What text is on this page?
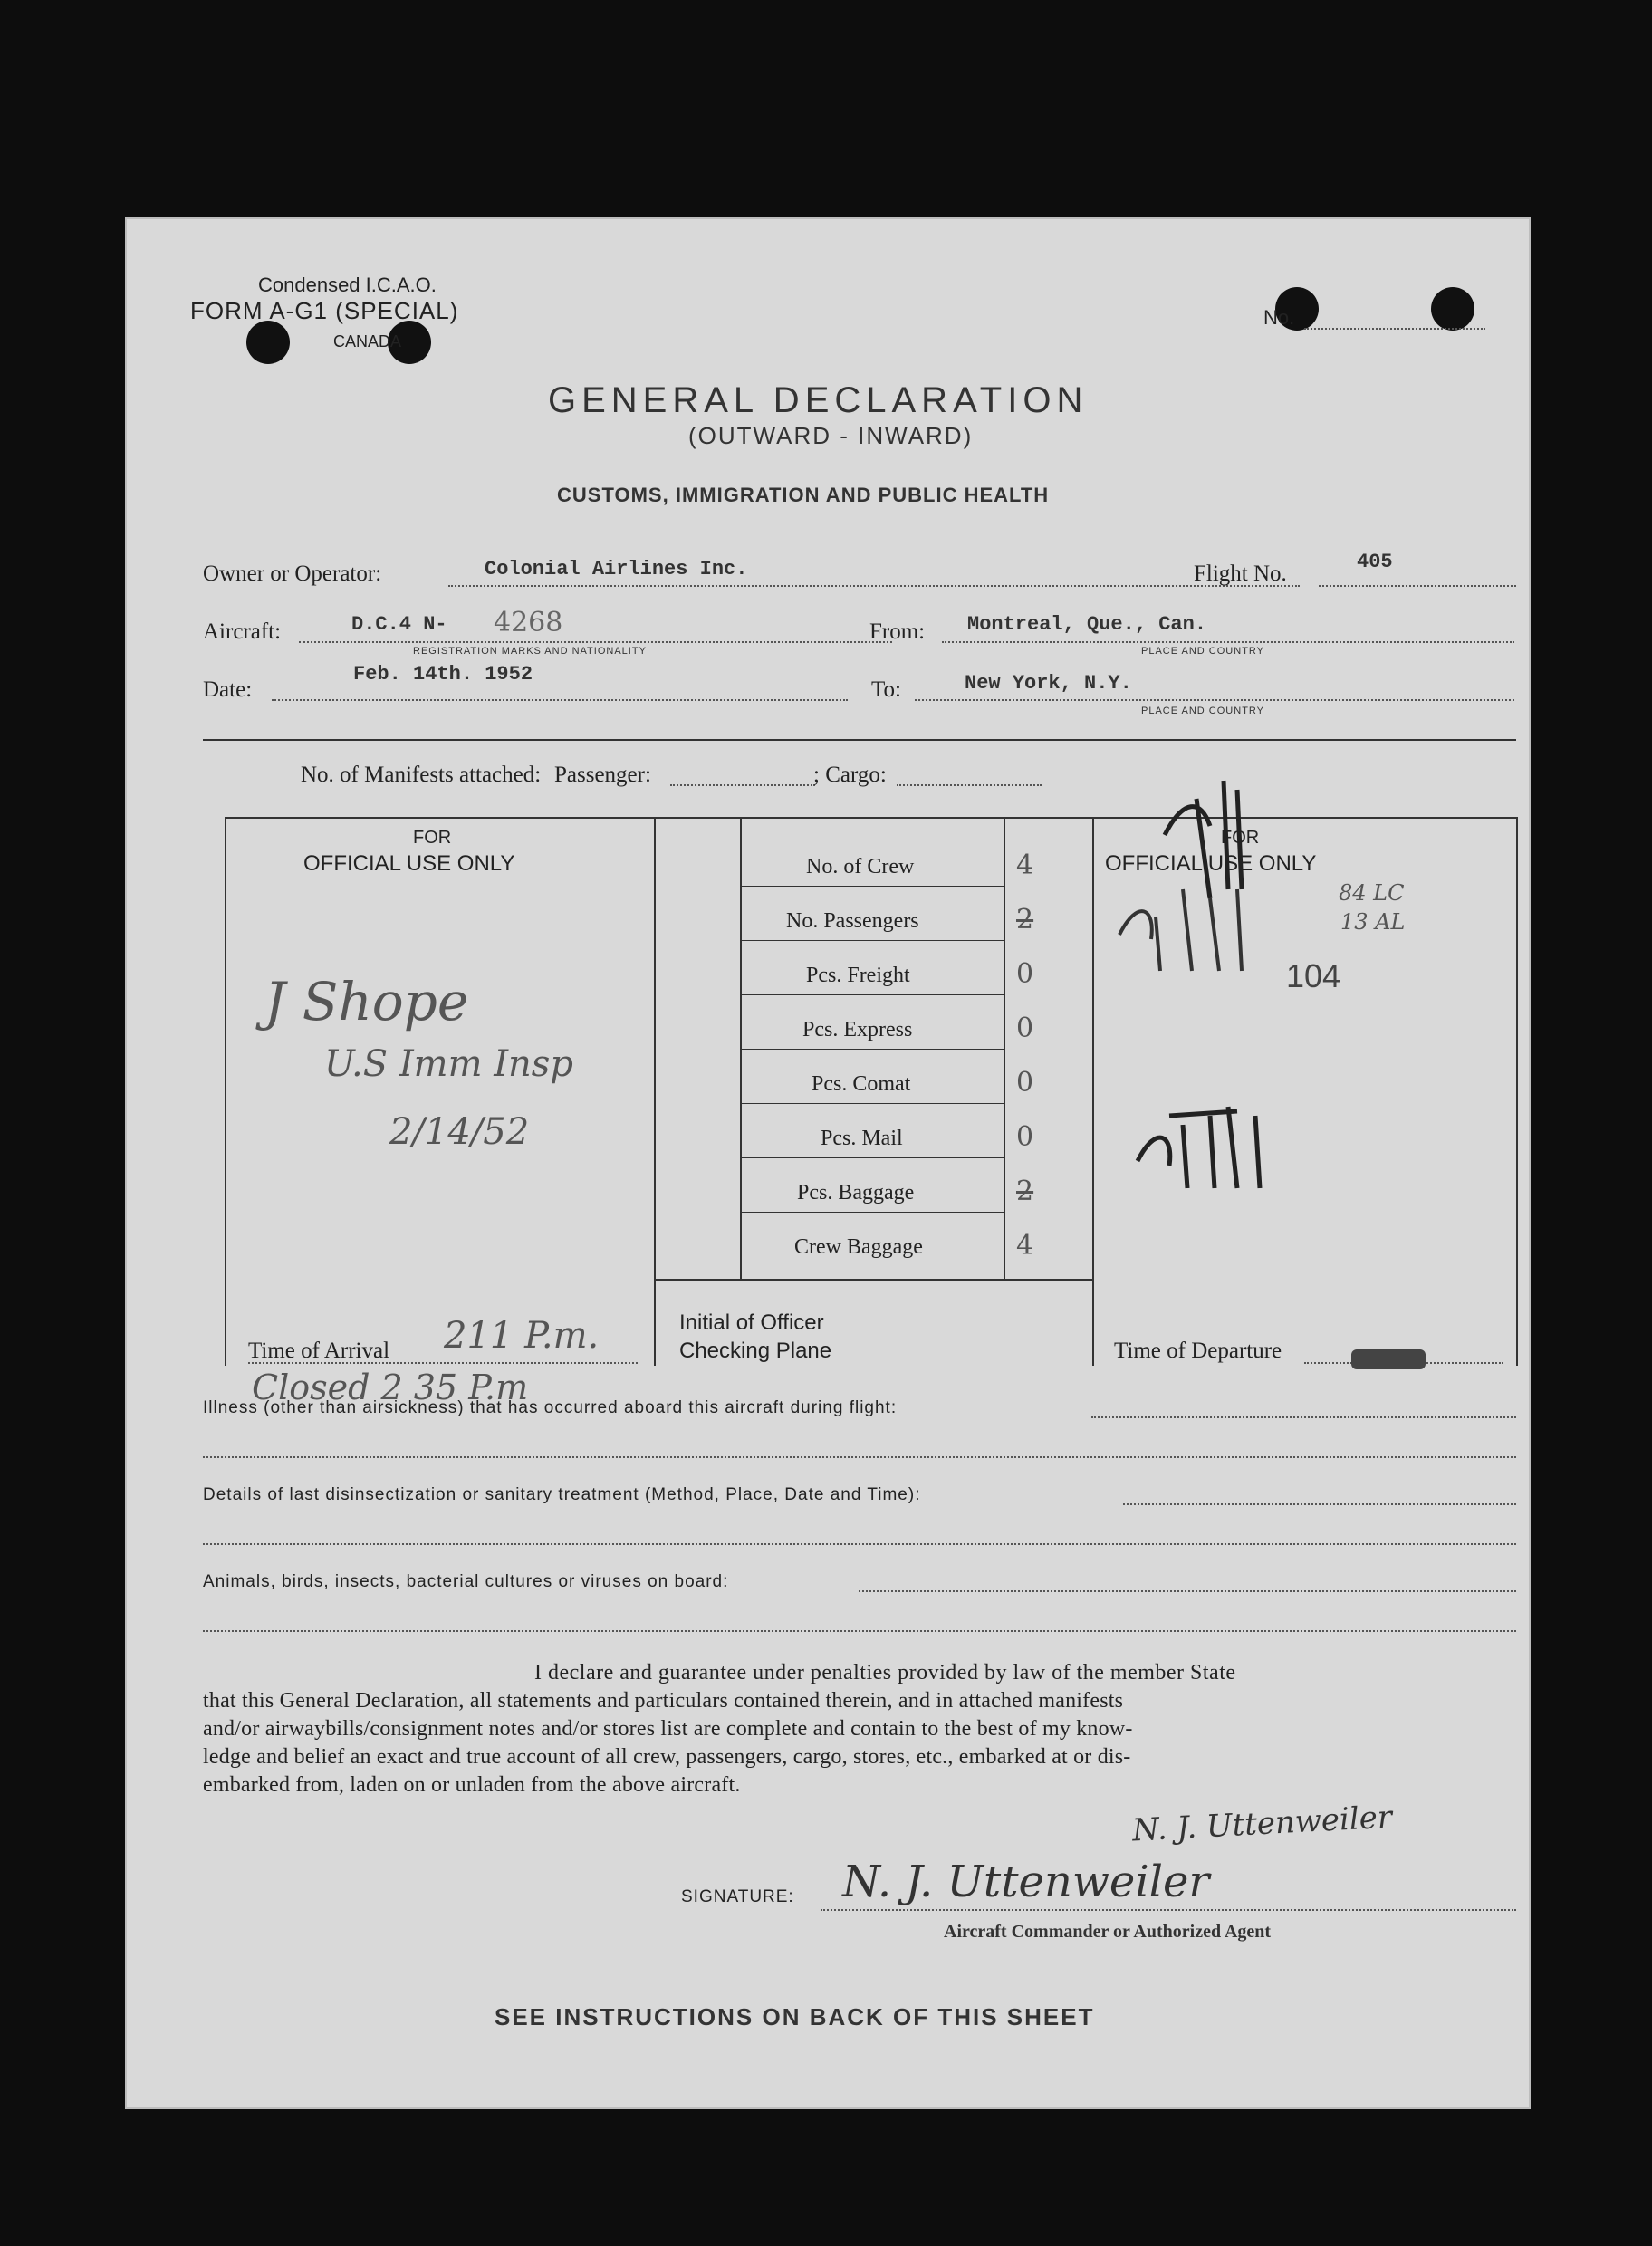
Condensed I.C.A.O.
FORM A-G1 (SPECIAL)
CANADA
No.
GENERAL DECLARATION
(OUTWARD - INWARD)
CUSTOMS, IMMIGRATION AND PUBLIC HEALTH
Owner or Operator:	Colonial Airlines Inc.	Flight No.	405
Aircraft:	D.C.4 N- 4268
REGISTRATION MARKS AND NATIONALITY
From: Montreal, Que., Can.
PLACE AND COUNTRY
Date:
Feb. 14th. 1952
To:	New York, N.Y.
PLACE AND COUNTRY
No. of Manifests attached: Passenger:	; Cargo:
FOR
OFFICIAL USE ONLY
FOR
OFFICIAL USE ONLY
No. of Crew	4
No. Passengers	2
Pcs. Freight	0
Pcs. Express	0
Pcs. Comat	0
Pcs. Mail	0
Pcs. Baggage	2
Crew Baggage	4
J Shope
U.S Imm Insp
2/14/52
104
84 LC
13 AL
Time of Arrival 211 P.m.	Initial of Officer
Checking Plane	Time of Departure
Closed 2 35 P.m
Illness (other than airsickness) that has occurred aboard this aircraft during flight:
Details of last disinsectization or sanitary treatment (Method, Place, Date and Time):
Animals, birds, insects, bacterial cultures or viruses on board:
I declare and guarantee under penalties provided by law of the member State
that this General Declaration, all statements and particulars contained therein, and in attached manifests
and/or airwaybills/consignment notes and/or stores list are complete and contain to the best of my know-
ledge and belief an exact and true account of all crew, passengers, cargo, stores, etc., embarked at or dis-
embarked from, laden on or unladen from the above aircraft.
SIGNATURE: N. J. Uttenweiler
N. J. Uttenweiler
Aircraft Commander or Authorized Agent
SEE INSTRUCTIONS ON BACK OF THIS SHEET
